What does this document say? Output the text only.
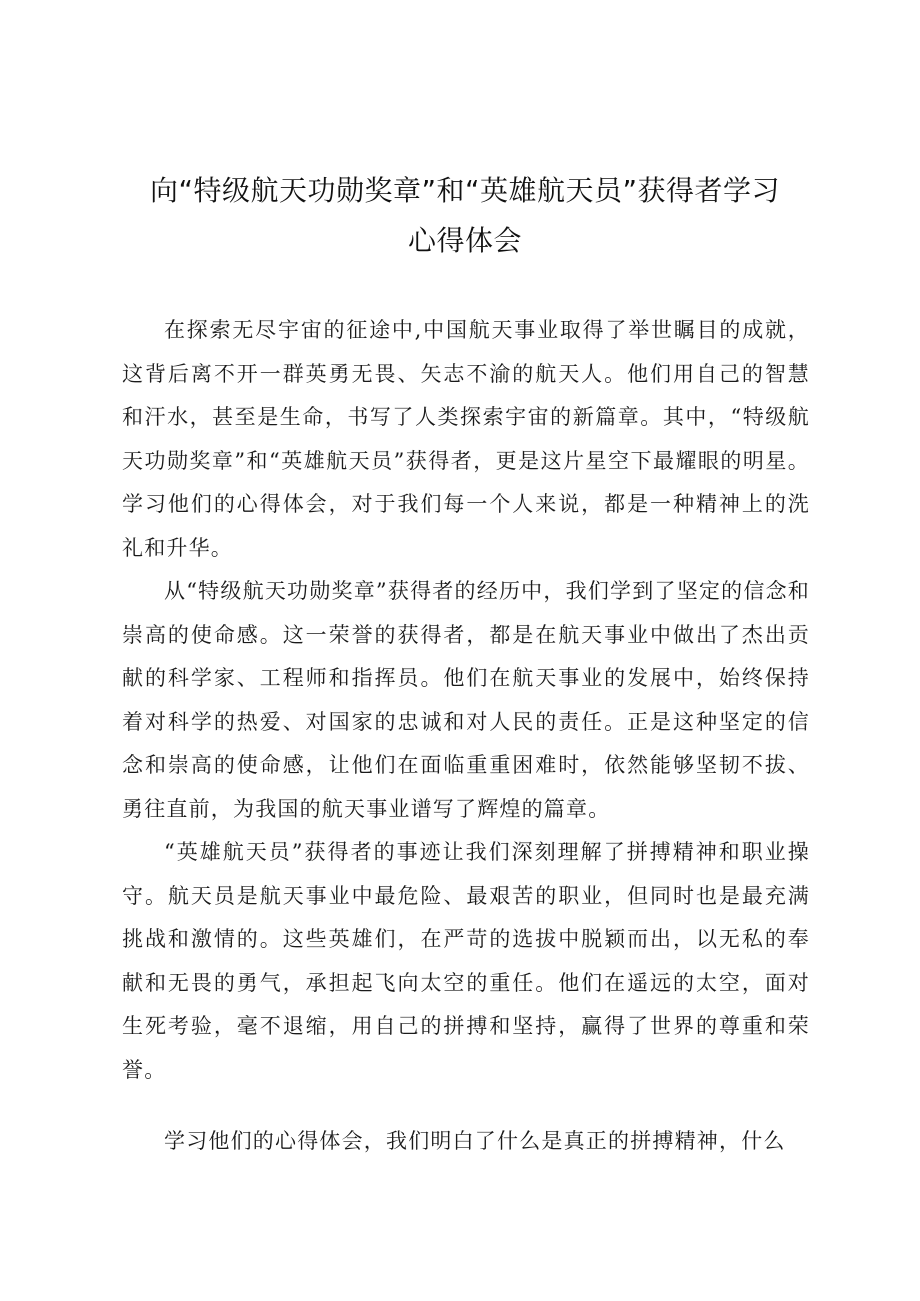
向“特级航天功勋奖章”和“英雄航天员”获得者学习
心得体会

在探索无尽宇宙的征途中,中国航天事业取得了举世瞩目的成就，这背后离不开一群英勇无畏、矢志不渝的航天人。他们用自己的智慧和汗水，甚至是生命，书写了人类探索宇宙的新篇章。其中，“特级航天功勋奖章”和“英雄航天员”获得者，更是这片星空下最耀眼的明星。学习他们的心得体会，对于我们每一个人来说，都是一种精神上的洗礼和升华。

从“特级航天功勋奖章”获得者的经历中，我们学到了坚定的信念和崇高的使命感。这一荣誉的获得者，都是在航天事业中做出了杰出贡献的科学家、工程师和指挥员。他们在航天事业的发展中，始终保持着对科学的热爱、对国家的忠诚和对人民的责任。正是这种坚定的信念和崇高的使命感，让他们在面临重重困难时，依然能够坚韧不拔、勇往直前，为我国的航天事业谱写了辉煌的篇章。

“英雄航天员”获得者的事迹让我们深刻理解了拼搏精神和职业操守。航天员是航天事业中最危险、最艰苦的职业，但同时也是最充满挑战和激情的。这些英雄们，在严苛的选拔中脱颖而出，以无私的奉献和无畏的勇气，承担起飞向太空的重任。他们在遥远的太空，面对生死考验，毫不退缩，用自己的拼搏和坚持，赢得了世界的尊重和荣誉。

学习他们的心得体会，我们明白了什么是真正的拼搏精神，什么
